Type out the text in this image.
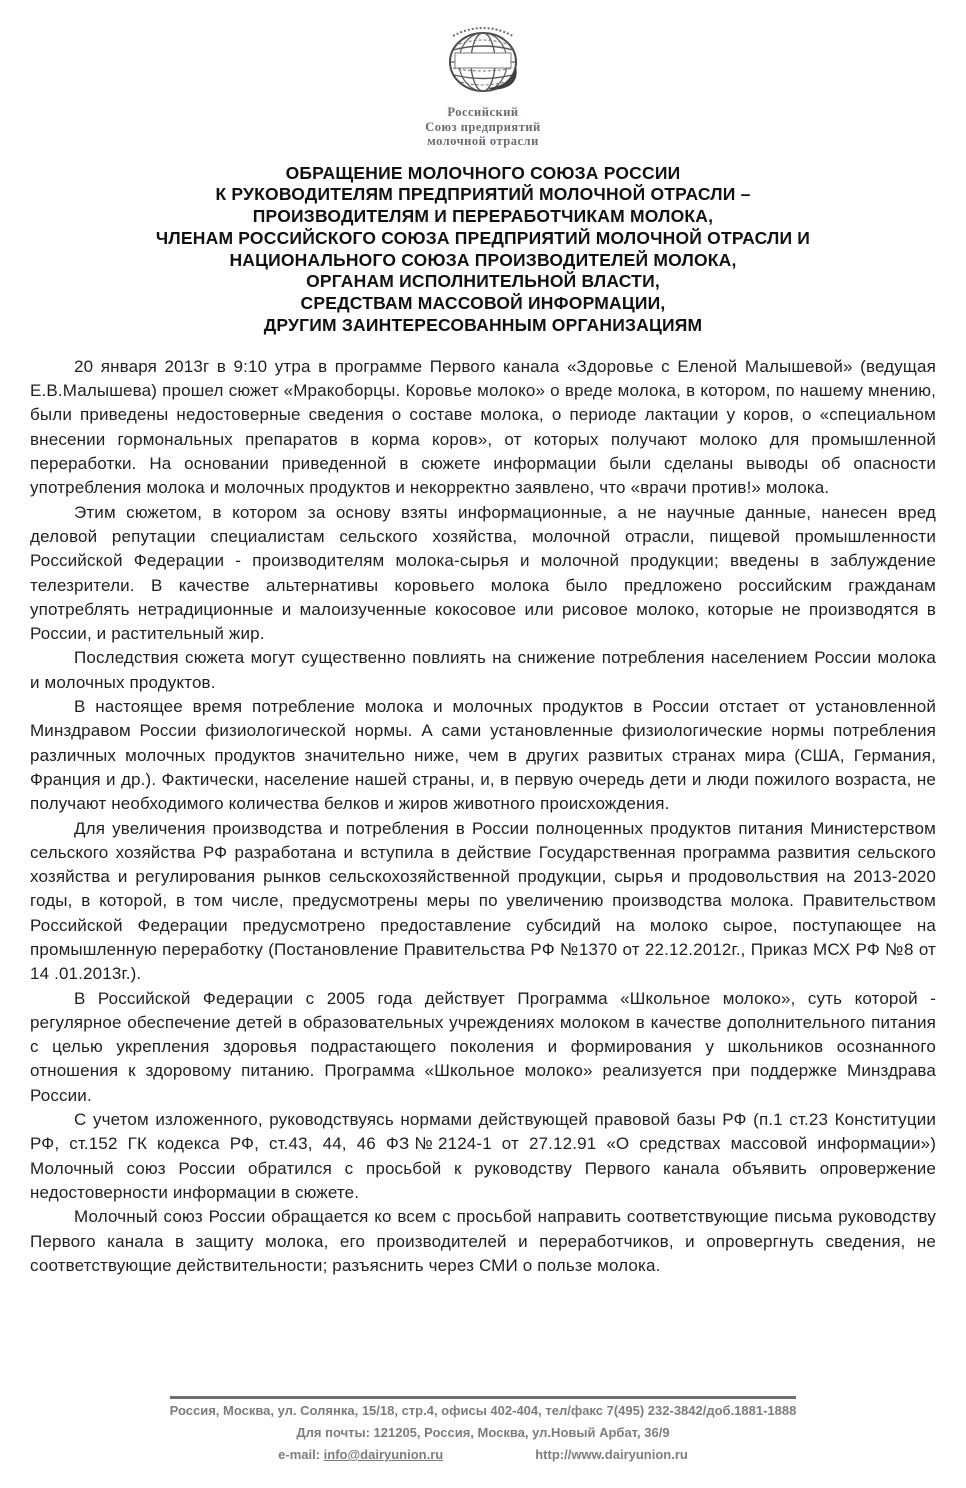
Российский
Союз предприятий
молочной отрасли
ОБРАЩЕНИЕ МОЛОЧНОГО СОЮЗА РОССИИ
К РУКОВОДИТЕЛЯМ ПРЕДПРИЯТИЙ МОЛОЧНОЙ ОТРАСЛИ –
ПРОИЗВОДИТЕЛЯМ И ПЕРЕРАБОТЧИКАМ МОЛОКА,
ЧЛЕНАМ РОССИЙСКОГО СОЮЗА ПРЕДПРИЯТИЙ МОЛОЧНОЙ ОТРАСЛИ И
НАЦИОНАЛЬНОГО СОЮЗА ПРОИЗВОДИТЕЛЕЙ МОЛОКА,
ОРГАНАМ ИСПОЛНИТЕЛЬНОЙ ВЛАСТИ,
СРЕДСТВАМ МАССОВОЙ ИНФОРМАЦИИ,
ДРУГИМ ЗАИНТЕРЕСОВАННЫМ ОРГАНИЗАЦИЯМ

20 января 2013г в 9:10 утра в программе Первого канала «Здоровье с Еленой Малышевой» (ведущая Е.В.Малышева) прошел сюжет «Мракоборцы. Коровье молоко» о вреде молока, в котором, по нашему мнению, были приведены недостоверные сведения о составе молока, о периоде лактации у коров, о «специальном внесении гормональных препаратов в корма коров», от которых получают молоко для промышленной переработки. На основании приведенной в сюжете информации были сделаны выводы об опасности употребления молока и молочных продуктов и некорректно заявлено, что «врачи против!» молока.

Этим сюжетом, в котором за основу взяты информационные, а не научные данные, нанесен вред деловой репутации специалистам сельского хозяйства, молочной отрасли, пищевой промышленности Российской Федерации - производителям молока-сырья и молочной продукции; введены в заблуждение телезрители. В качестве альтернативы коровьего молока было предложено российским гражданам употреблять нетрадиционные и малоизученные кокосовое или рисовое молоко, которые не производятся в России, и растительный жир.

Последствия сюжета могут существенно повлиять на снижение потребления населением России молока и молочных продуктов.

В настоящее время потребление молока и молочных продуктов в России отстает от установленной Минздравом России физиологической нормы. А сами установленные физиологические нормы потребления различных молочных продуктов значительно ниже, чем в других развитых странах мира (США, Германия, Франция и др.). Фактически, население нашей страны, и, в первую очередь дети и люди пожилого возраста, не получают необходимого количества белков и жиров животного происхождения.

Для увеличения производства и потребления в России полноценных продуктов питания Министерством сельского хозяйства РФ разработана и вступила в действие Государственная программа развития сельского хозяйства и регулирования рынков сельскохозяйственной продукции, сырья и продовольствия на 2013-2020 годы, в которой, в том числе, предусмотрены меры по увеличению производства молока. Правительством Российской Федерации предусмотрено предоставление субсидий на молоко сырое, поступающее на промышленную переработку (Постановление Правительства РФ №1370 от 22.12.2012г., Приказ МСХ РФ №8 от 14 .01.2013г.).

В Российской Федерации с 2005 года действует Программа «Школьное молоко», суть которой - регулярное обеспечение детей в образовательных учреждениях молоком в качестве дополнительного питания с целью укрепления здоровья подрастающего поколения и формирования у школьников осознанного отношения к здоровому питанию. Программа «Школьное молоко» реализуется при поддержке Минздрава России.

С учетом изложенного, руководствуясь нормами действующей правовой базы РФ (п.1 ст.23 Конституции РФ, ст.152 ГК кодекса РФ, ст.43, 44, 46 ФЗ№2124-1 от 27.12.91 «О средствах массовой информации») Молочный союз России обратился с просьбой к руководству Первого канала объявить опровержение недостоверности информации в сюжете.

Молочный союз России обращается ко всем с просьбой направить соответствующие письма руководству Первого канала в защиту молока, его производителей и переработчиков, и опровергнуть сведения, не соответствующие действительности; разъяснить через СМИ о пользе молока.

Россия, Москва, ул. Солянка, 15/18, стр.4, офисы 402-404, тел/факс 7(495) 232-3842/доб.1881-1888
Для почты: 121205, Россия, Москва, ул.Новый Арбат, 36/9
e-mail: info@dairyunion.ru	http://www.dairyunion.ru
